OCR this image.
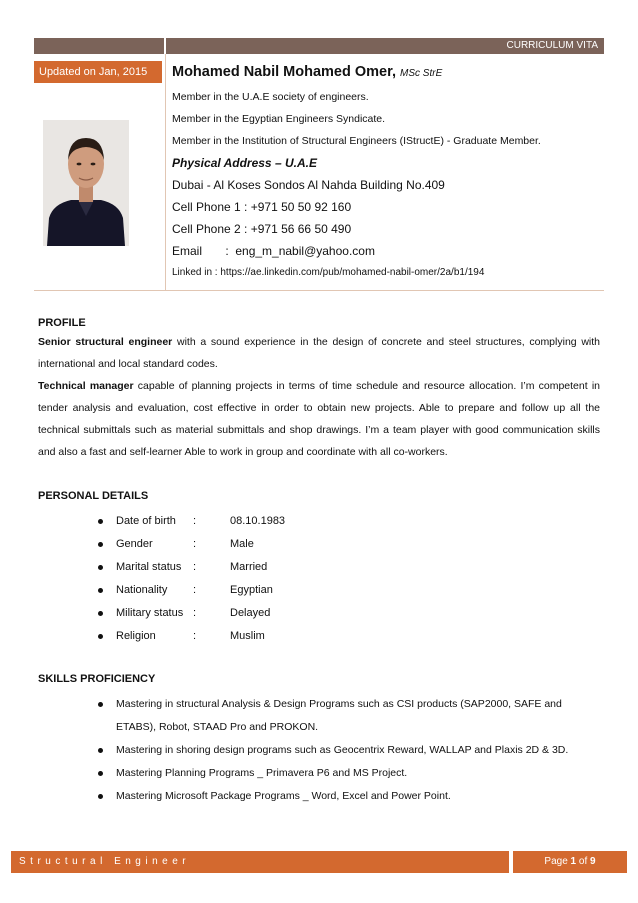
CURRICULUM VITA
Updated on Jan, 2015	Mohamed Nabil Mohamed Omer, MSc StrE
Member in the U.A.E society of engineers.
Member in the Egyptian Engineers Syndicate.
Member in the Institution of Structural Engineers (IStructE) - Graduate Member.
Physical Address – U.A.E
Dubai - Al Koses Sondos Al Nahda Building No.409
Cell Phone 1 : +971 50 50 92 160
Cell Phone 2 : +971 56 66 50 490
Email       :  eng_m_nabil@yahoo.com
Linked in : https://ae.linkedin.com/pub/mohamed-nabil-omer/2a/b1/194
PROFILE
Senior structural engineer with a sound experience in the design of concrete and steel structures, complying with international and local standard codes.
Technical manager capable of planning projects in terms of time schedule and resource allocation. I’m competent in tender analysis and evaluation, cost effective in order to obtain new projects. Able to prepare and follow up all the technical submittals such as material submittals and shop drawings. I’m a team player with good communication skills and also a fast and self-learner Able to work in group and coordinate with all co-workers.
PERSONAL DETAILS
Date of birth :	08.10.1983
Gender	:	Male
Marital status :	Married
Nationality :	Egyptian
Military status :	Delayed
Religion	:	Muslim
SKILLS PROFICIENCY
Mastering in structural Analysis & Design Programs such as CSI products (SAP2000, SAFE and ETABS), Robot, STAAD Pro and PROKON.
Mastering in shoring design programs such as Geocentrix Reward, WALLAP and Plaxis 2D & 3D.
Mastering Planning Programs _ Primavera P6 and MS Project.
Mastering Microsoft Package Programs _ Word, Excel and Power Point.
Structural Engineer	Page 1 of 9
